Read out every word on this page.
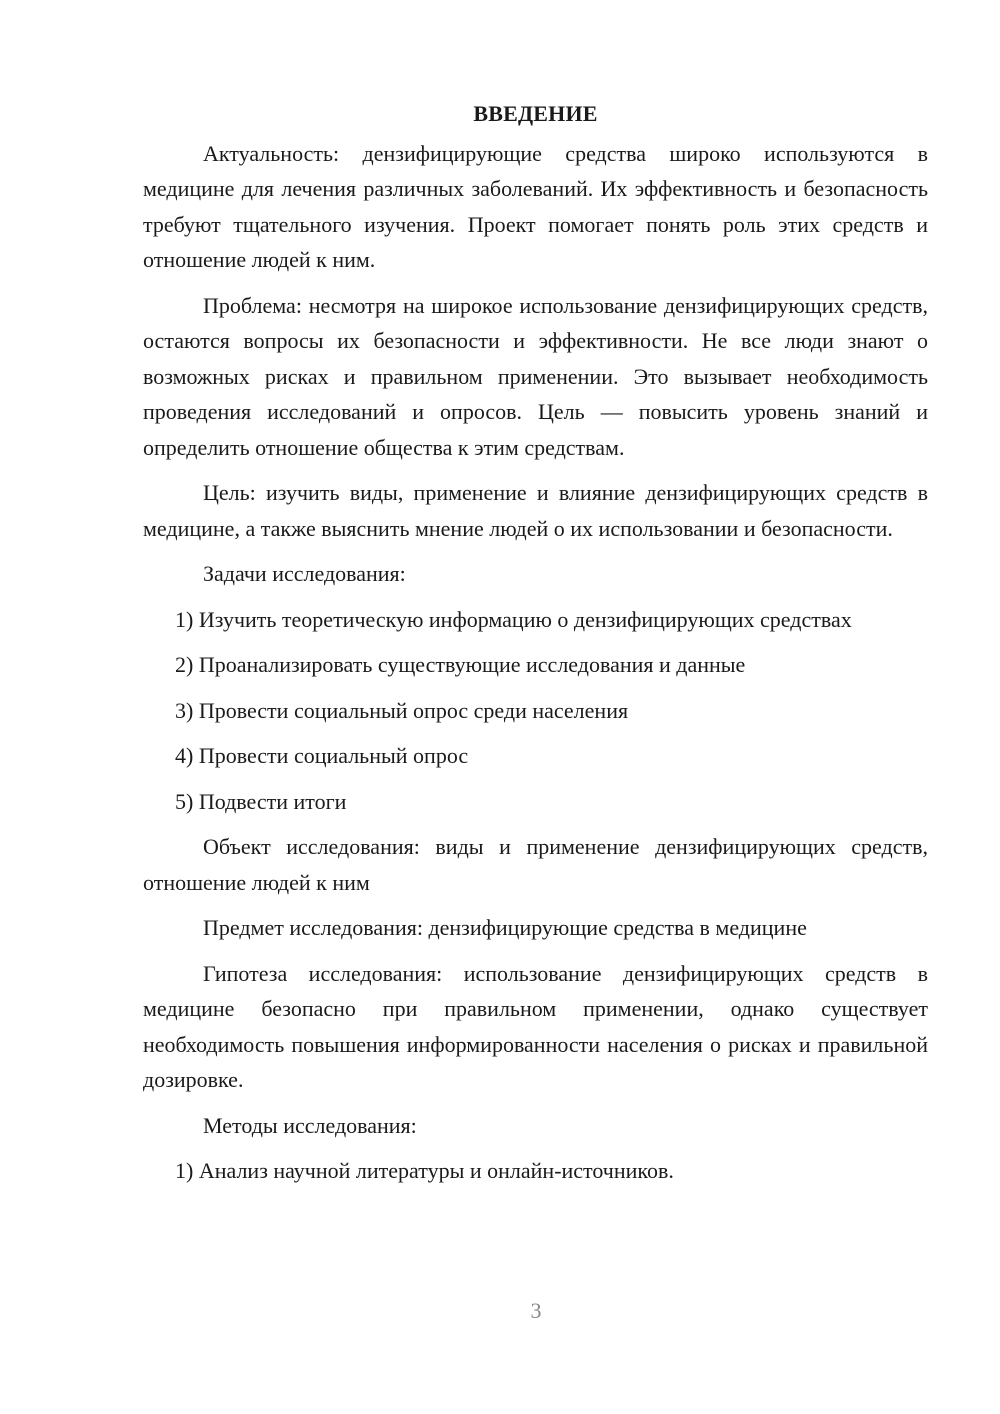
ВВЕДЕНИЕ

Актуальность: дензифицирующие средства широко используются в медицине для лечения различных заболеваний. Их эффективность и безопасность требуют тщательного изучения. Проект помогает понять роль этих средств и отношение людей к ним.

Проблема: несмотря на широкое использование дензифицирующих средств, остаются вопросы их безопасности и эффективности. Не все люди знают о возможных рисках и правильном применении. Это вызывает необходимость проведения исследований и опросов. Цель — повысить уровень знаний и определить отношение общества к этим средствам.

Цель: изучить виды, применение и влияние дензифицирующих средств в медицине, а также выяснить мнение людей о их использовании и безопасности.

Задачи исследования:

1) Изучить теоретическую информацию о дензифицирующих средствах

2) Проанализировать существующие исследования и данные

3) Провести социальный опрос среди населения

4) Провести социальный опрос

5) Подвести итоги

Объект исследования: виды и применение дензифицирующих средств, отношение людей к ним

Предмет исследования: дензифицирующие средства в медицине

Гипотеза исследования: использование дензифицирующих средств в медицине безопасно при правильном применении, однако существует необходимость повышения информированности населения о рисках и правильной дозировке.

Методы исследования:

1) Анализ научной литературы и онлайн-источников.

3
